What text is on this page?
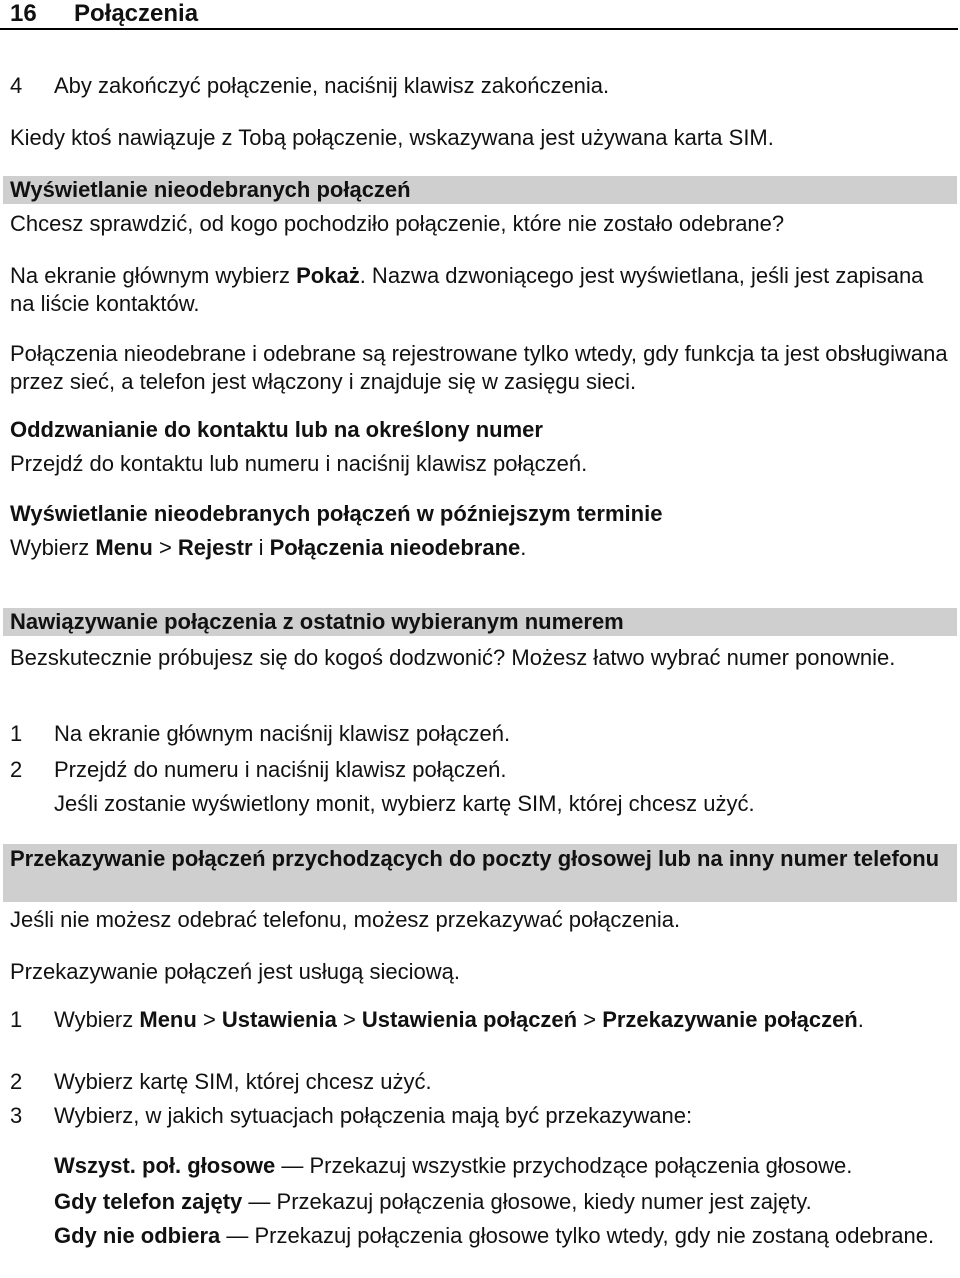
16 Połączenia
4 Aby zakończyć połączenie, naciśnij klawisz zakończenia.

Kiedy ktoś nawiązuje z Tobą połączenie, wskazywana jest używana karta SIM.

Wyświetlanie nieodebranych połączeń

Chcesz sprawdzić, od kogo pochodziło połączenie, które nie zostało odebrane?

Na ekranie głównym wybierz Pokaż. Nazwa dzwoniącego jest wyświetlana, jeśli jest zapisana na liście kontaktów.

Połączenia nieodebrane i odebrane są rejestrowane tylko wtedy, gdy funkcja ta jest obsługiwana przez sieć, a telefon jest włączony i znajduje się w zasięgu sieci.

Oddzwanianie do kontaktu lub na określony numer

Przejdź do kontaktu lub numeru i naciśnij klawisz połączeń.

Wyświetlanie nieodebranych połączeń w późniejszym terminie

Wybierz Menu > Rejestr i Połączenia nieodebrane.

Nawiązywanie połączenia z ostatnio wybieranym numerem

Bezskutecznie próbujesz się do kogoś dodzwonić? Możesz łatwo wybrać numer ponownie.

1 Na ekranie głównym naciśnij klawisz połączeń.
2 Przejdź do numeru i naciśnij klawisz połączeń.
Jeśli zostanie wyświetlony monit, wybierz kartę SIM, której chcesz użyć.

Przekazywanie połączeń przychodzących do poczty głosowej lub na inny numer telefonu

Jeśli nie możesz odebrać telefonu, możesz przekazywać połączenia.

Przekazywanie połączeń jest usługą sieciową.

1 Wybierz Menu > Ustawienia > Ustawienia połączeń > Przekazywanie połączeń.
2 Wybierz kartę SIM, której chcesz użyć.
3 Wybierz, w jakich sytuacjach połączenia mają być przekazywane:
Wszyst. poł. głosowe — Przekazuj wszystkie przychodzące połączenia głosowe.
Gdy telefon zajęty — Przekazuj połączenia głosowe, kiedy numer jest zajęty.
Gdy nie odbiera — Przekazuj połączenia głosowe tylko wtedy, gdy nie zostaną odebrane.
